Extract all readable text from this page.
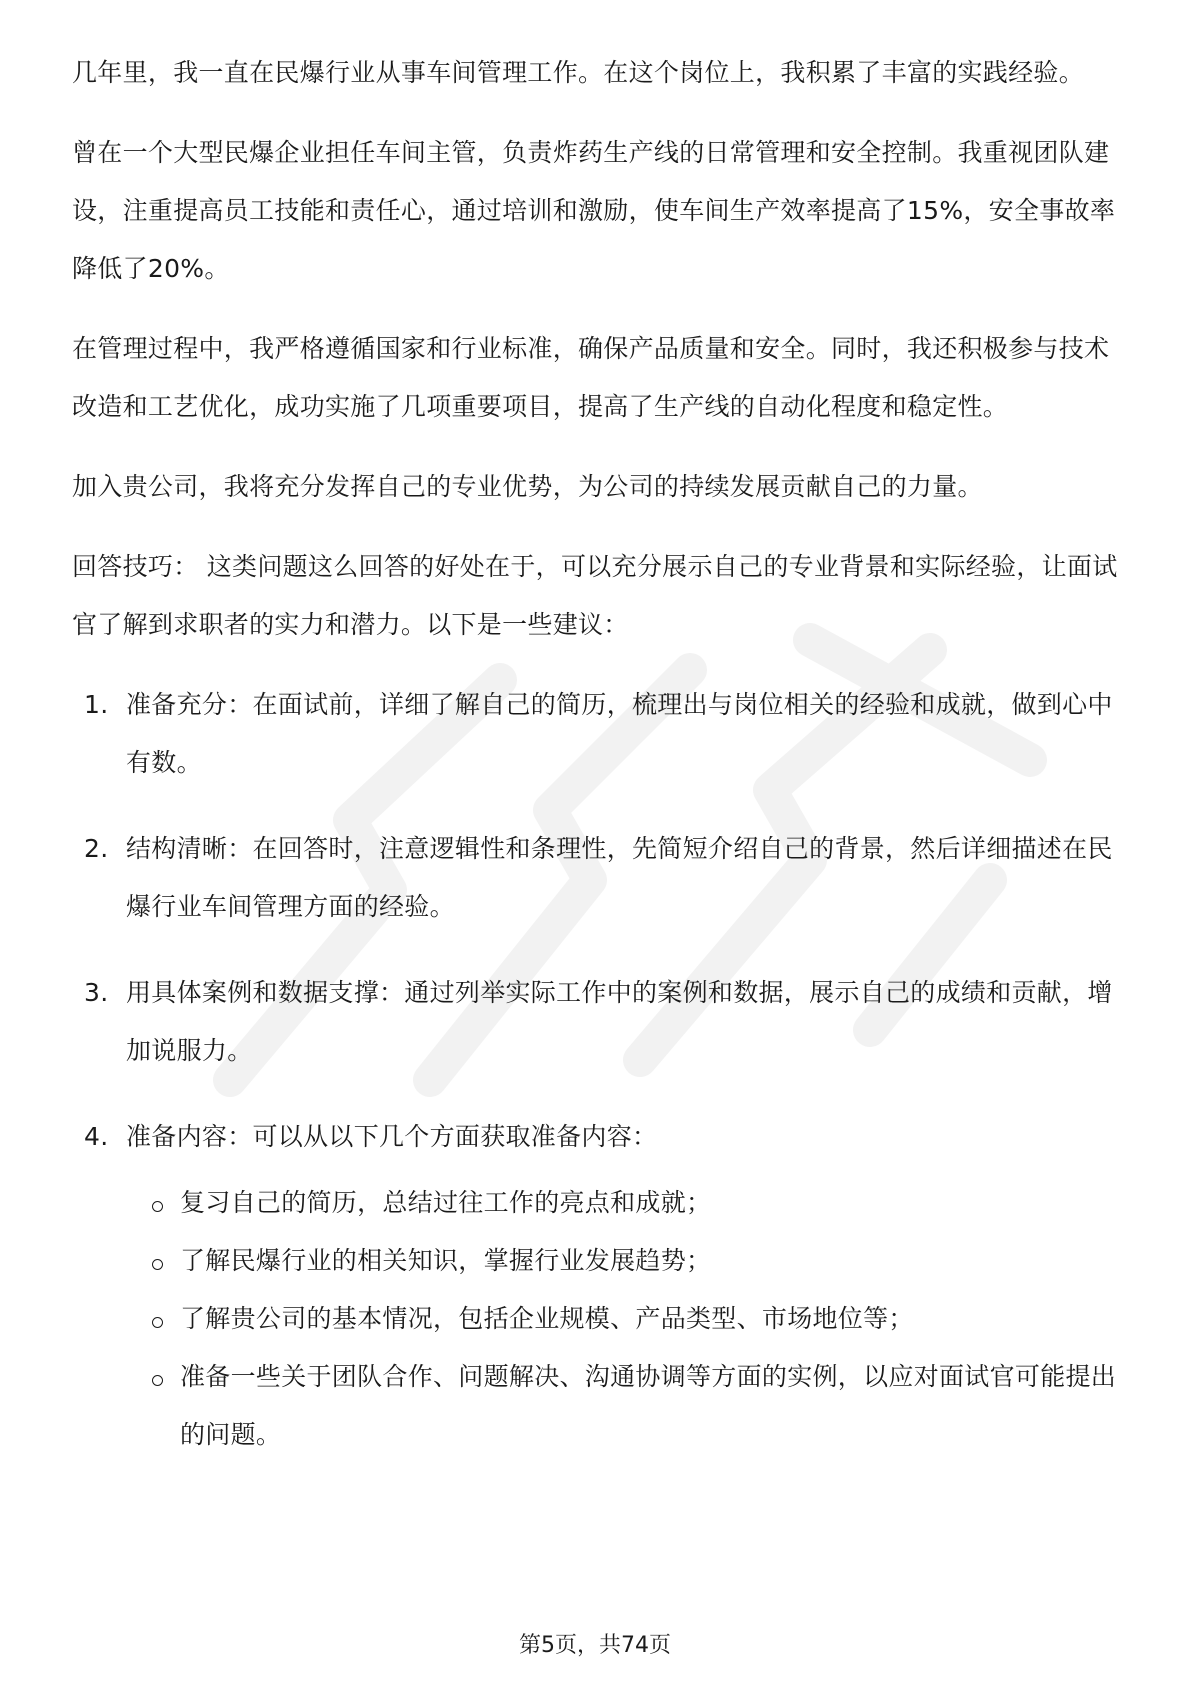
几年里，我一直在民爆行业从事车间管理工作。在这个岗位上，我积累了丰富的实践经验。

曾在一个大型民爆企业担任车间主管，负责炸药生产线的日常管理和安全控制。我重视团队建设，注重提高员工技能和责任心，通过培训和激励，使车间生产效率提高了15%，安全事故率降低了20%。

在管理过程中，我严格遵循国家和行业标准，确保产品质量和安全。同时，我还积极参与技术改造和工艺优化，成功实施了几项重要项目，提高了生产线的自动化程度和稳定性。

加入贵公司，我将充分发挥自己的专业优势，为公司的持续发展贡献自己的力量。

回答技巧： 这类问题这么回答的好处在于，可以充分展示自己的专业背景和实际经验，让面试官了解到求职者的实力和潜力。以下是一些建议：

1. 准备充分：在面试前，详细了解自己的简历，梳理出与岗位相关的经验和成就，做到心中有数。
2. 结构清晰：在回答时，注意逻辑性和条理性，先简短介绍自己的背景，然后详细描述在民爆行业车间管理方面的经验。
3. 用具体案例和数据支撑：通过列举实际工作中的案例和数据，展示自己的成绩和贡献，增加说服力。
4. 准备内容：可以从以下几个方面获取准备内容：
复习自己的简历，总结过往工作的亮点和成就；
了解民爆行业的相关知识，掌握行业发展趋势；
了解贵公司的基本情况，包括企业规模、产品类型、市场地位等；
准备一些关于团队合作、问题解决、沟通协调等方面的实例，以应对面试官可能提出的问题。
第5页，共74页
